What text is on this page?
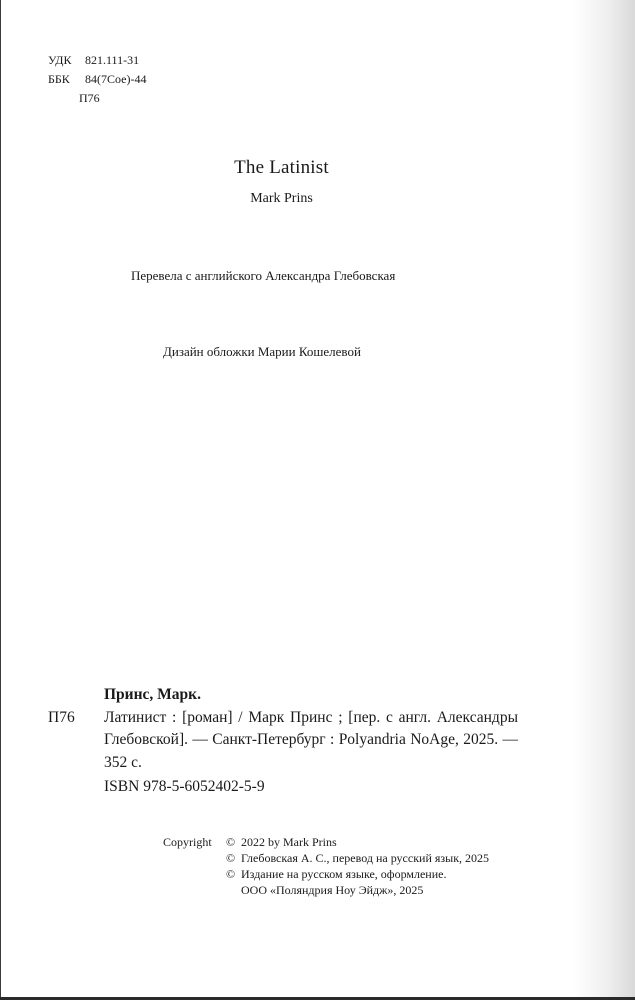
УДК	821.111-31
ББК	84(7Сое)-44
П76
The Latinist
Mark Prins
Перевела с английского Александра Глебовская
Дизайн обложки Марии Кошелевой
Принс, Марк.
П76	Латинист : [роман] / Марк Принс ; [пер. с англ. Александры Глебовской]. — Санкт-Петербург : Polyandria NoAge, 2025. — 352 с.
ISBN 978-5-6052402-5-9
Copyright	© 2022 by Mark Prins
© Глебовская А. С., перевод на русский язык, 2025
© Издание на русском языке, оформление.
ООО «Поляндрия Ноу Эйдж», 2025
